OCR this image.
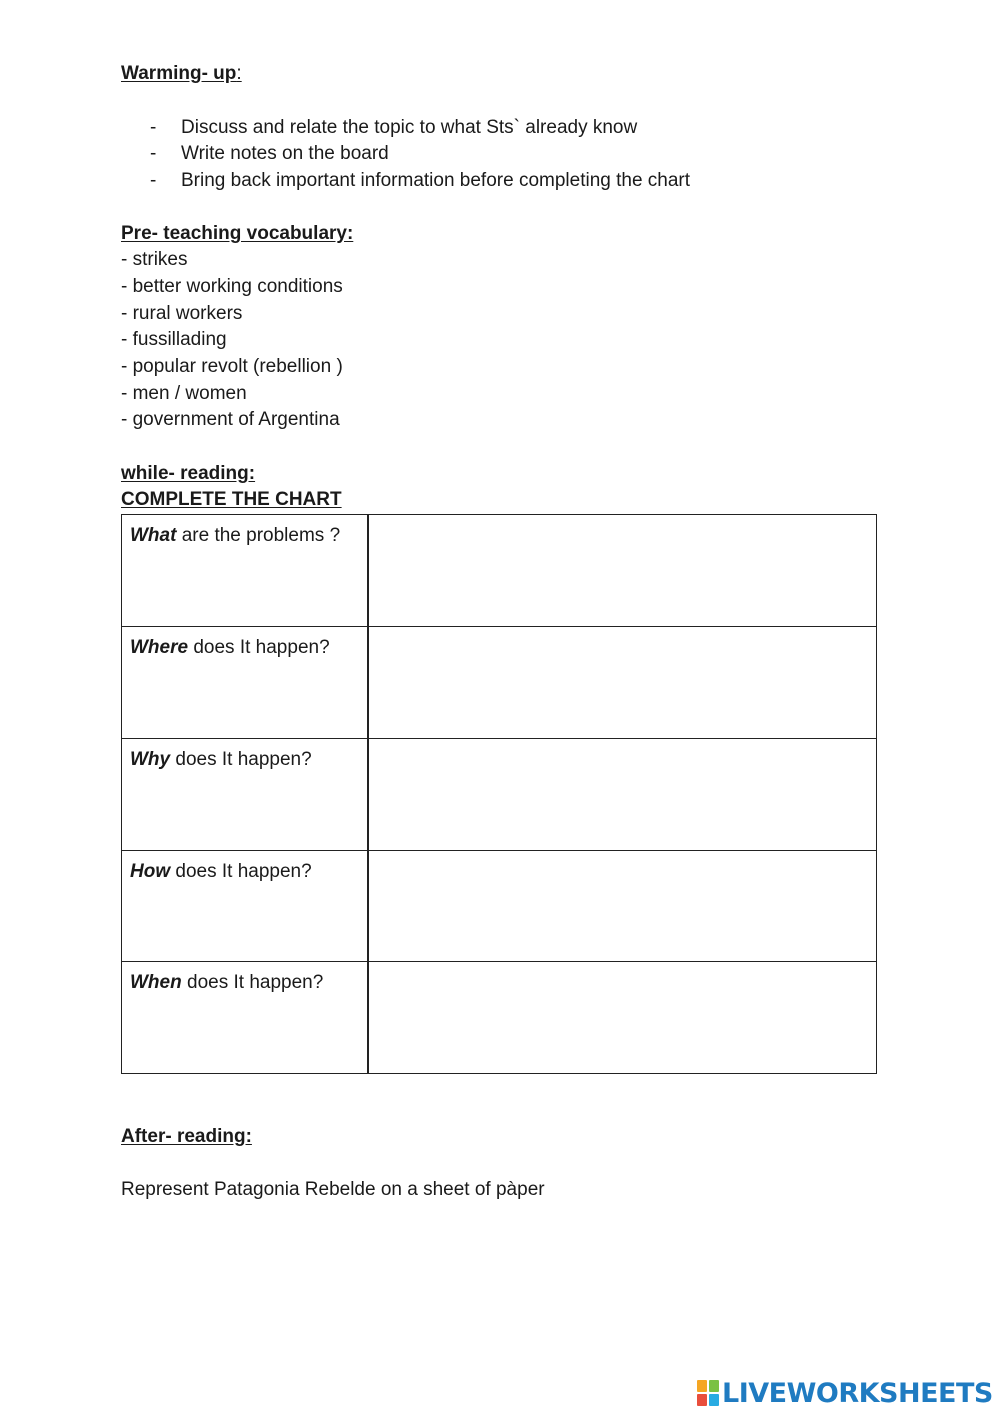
Warming- up:
- Discuss and relate the topic to what Sts` already know
- Write notes on the board
- Bring back important information before completing the chart
Pre- teaching vocabulary:
- strikes
- better working conditions
- rural workers
- fussillading
- popular revolt (rebellion )
- men / women
- government of Argentina
while- reading:
COMPLETE THE CHART
What are the problems ?
Where does It happen?
Why does It happen?
How does It happen?
When does It happen?
After- reading:
Represent Patagonia Rebelde on a sheet of pàper
LIVEWORKSHEETS
